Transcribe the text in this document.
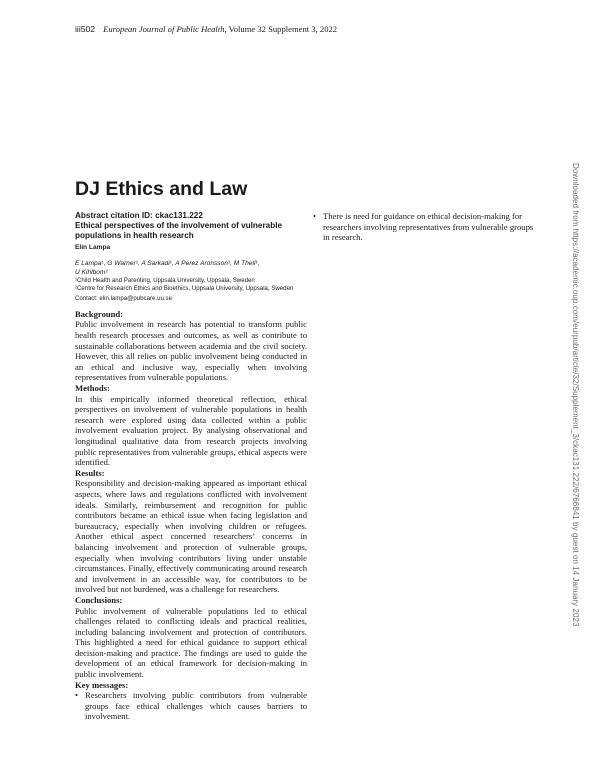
iii502 European Journal of Public Health, Volume 32 Supplement 3, 2022
DJ Ethics and Law
Abstract citation ID: ckac131.222
Ethical perspectives of the involvement of vulnerable populations in health research
Elin Lampa
E Lampa¹, G Warner¹, A Sarkadi¹, A Perez Aronsson¹, M Thell¹,
U Kihlbom²
¹Child Health and Parenting, Uppsala University, Uppsala, Sweden
²Centre for Research Ethics and Bioethics, Uppsala University, Uppsala, Sweden
Contact: elin.lampa@pubcare.uu.se
Background:

Public involvement in research has potential to transform public health research processes and outcomes, as well as contribute to sustainable collaborations between academia and the civil society. However, this all relies on public involvement being conducted in an ethical and inclusive way, especially when involving representatives from vulnerable populations.

Methods:

In this empirically informed theoretical reflection, ethical perspectives on involvement of vulnerable populations in health research were explored using data collected within a public involvement evaluation project. By analysing observational and longitudinal qualitative data from research projects involving public representatives from vulnerable groups, ethical aspects were identified.

Results:

Responsibility and decision-making appeared as important ethical aspects, where laws and regulations conflicted with involvement ideals. Similarly, reimbursement and recognition for public contributors became an ethical issue when facing legislation and bureaucracy, especially when involving children or refugees. Another ethical aspect concerned researchers’ concerns in balancing involvement and protection of vulnerable groups, especially when involving contributors living under unstable circumstances. Finally, effectively communicating around research and involvement in an accessible way, for contributors to be involved but not burdened, was a challenge for researchers.

Conclusions:

Public involvement of vulnerable populations led to ethical challenges related to conflicting ideals and practical realities, including balancing involvement and protection of contributors. This highlighted a need for ethical guidance to support ethical decision-making and practice. The findings are used to guide the development of an ethical framework for decision-making in public involvement.

Key messages:
• Researchers involving public contributors from vulnerable groups face ethical challenges which causes barriers to involvement.
• There is need for guidance on ethical decision-making for researchers involving representatives from vulnerable groups in research.	Downloaded from https://academic.oup.com/eurpub/article/32/Supplement_3/ckac131.222/6766841 by guest on 14 January 2023
